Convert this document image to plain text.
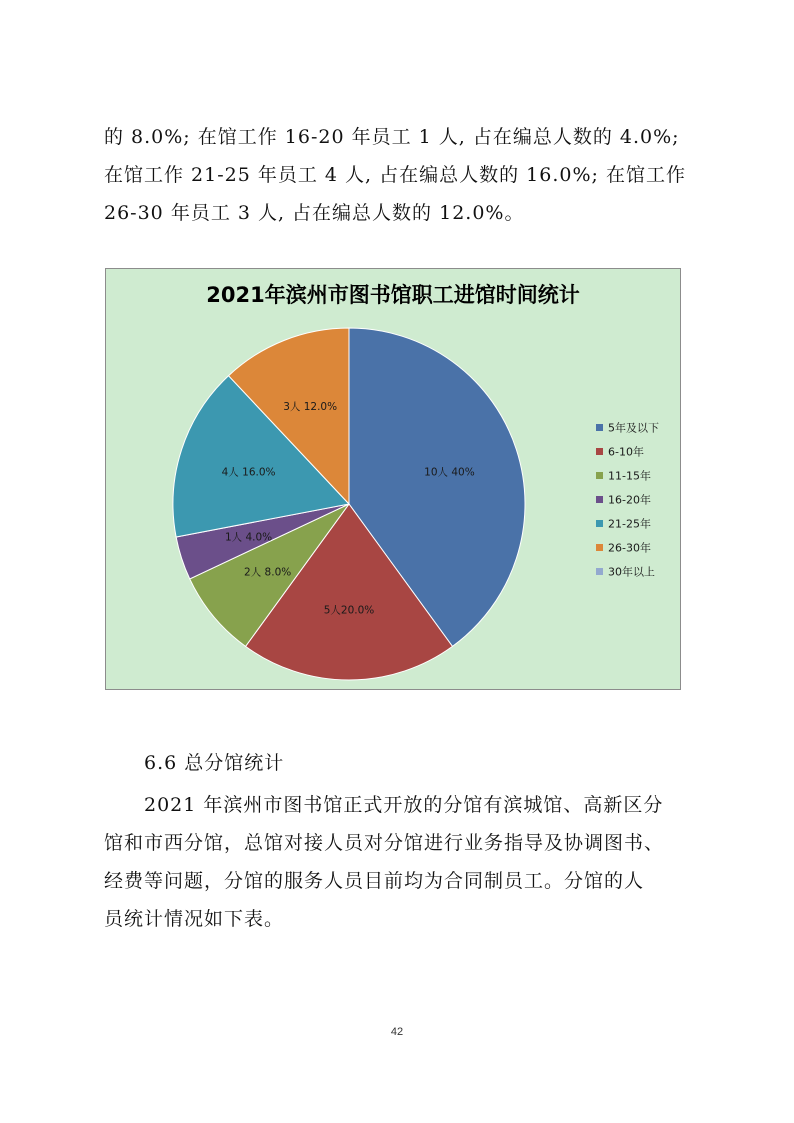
的 8.0%; 在馆工作 16-20 年员工 1 人, 占在编总人数的 4.0%;
在馆工作 21-25 年员工 4 人, 占在编总人数的 16.0%; 在馆工作
26-30 年员工 3 人, 占在编总人数的 12.0%。
2021年滨州市图书馆职工进馆时间统计
10人 40%
5人20.0%
2人 8.0%
1人 4.0%
4人 16.0%
3人 12.0%
5年及以下
6-10年
11-15年
16-20年
21-25年
26-30年
30年以上
6.6 总分馆统计
2021 年滨州市图书馆正式开放的分馆有滨城馆、高新区分
馆和市西分馆，总馆对接人员对分馆进行业务指导及协调图书、
经费等问题，分馆的服务人员目前均为合同制员工。分馆的人
员统计情况如下表。
42
